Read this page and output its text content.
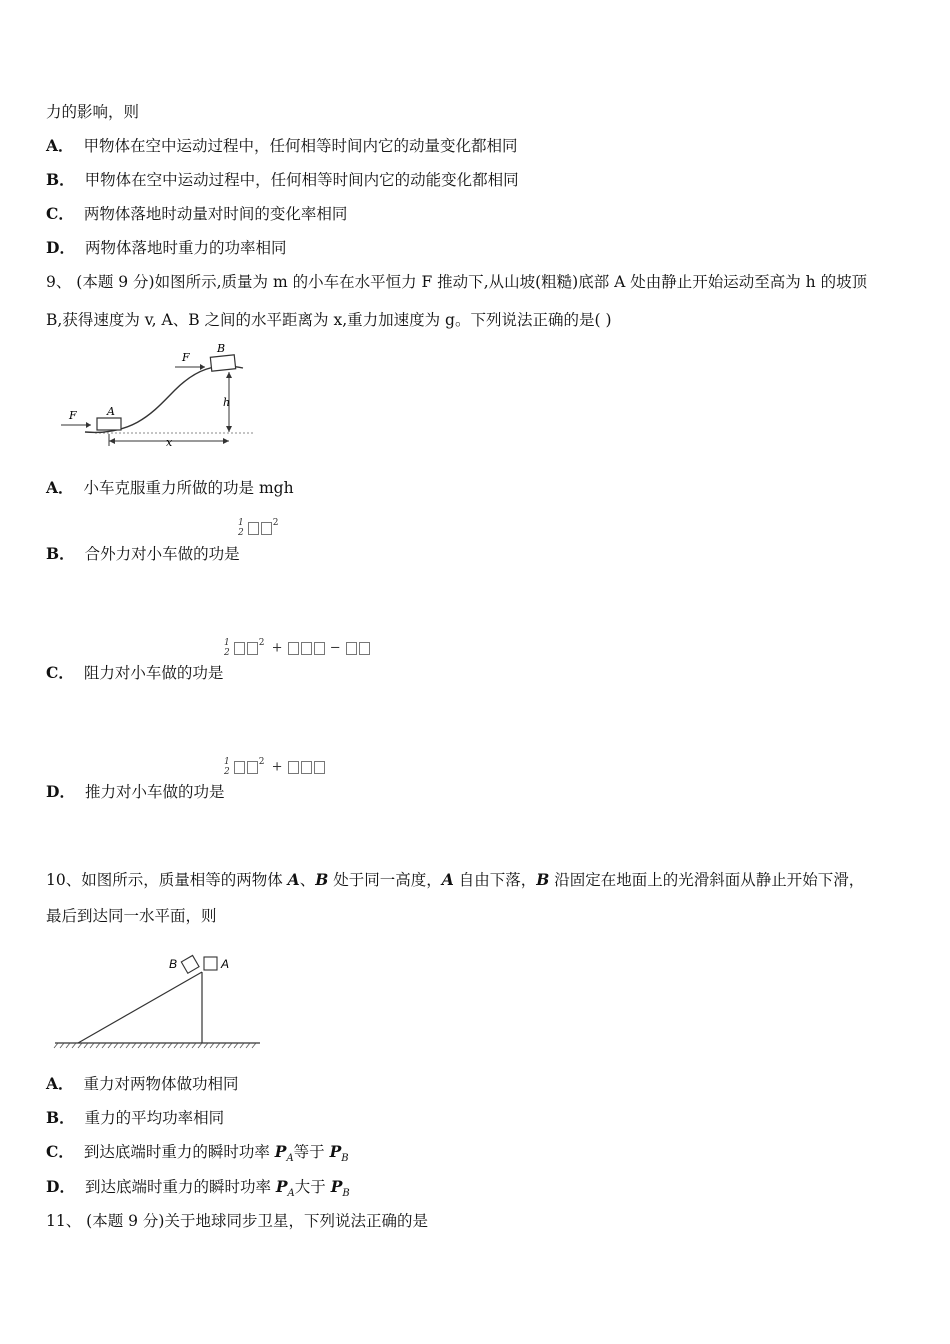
力的影响，则
A． 甲物体在空中运动过程中，任何相等时间内它的动量变化都相同
B． 甲物体在空中运动过程中，任何相等时间内它的动能变化都相同
C． 两物体落地时动量对时间的变化率相同
D． 两物体落地时重力的功率相同
9、 (本题 9 分)如图所示,质量为 m 的小车在水平恒力 F 推动下,从山坡(粗糙)底部 A 处由静止开始运动至高为 h 的坡顶
B,获得速度为 v, A、B 之间的水平距离为 x,重力加速度为 g。下列说法正确的是( )
A
F
B
F
h
x
A． 小车克服重力所做的功是 mgh
1
$2^2$
B． 合外力对小车做的功是
1
$2^2$ +	−
C． 阻力对小车做的功是
1
$2^2$ +
D． 推力对小车做的功是
10、如图所示，质量相等的两物体 A、B 处于同一高度，A 自由下落，B 沿固定在地面上的光滑斜面从静止开始下滑，
最后到达同一水平面，则
B	A
A． 重力对两物体做功相同
B． 重力的平均功率相同
C． 到达底端时重力的瞬时功率 $P_A$等于 $P_B$
D． 到达底端时重力的瞬时功率 $P_A$大于 $P_B$
11、 (本题 9 分)关于地球同步卫星，下列说法正确的是
